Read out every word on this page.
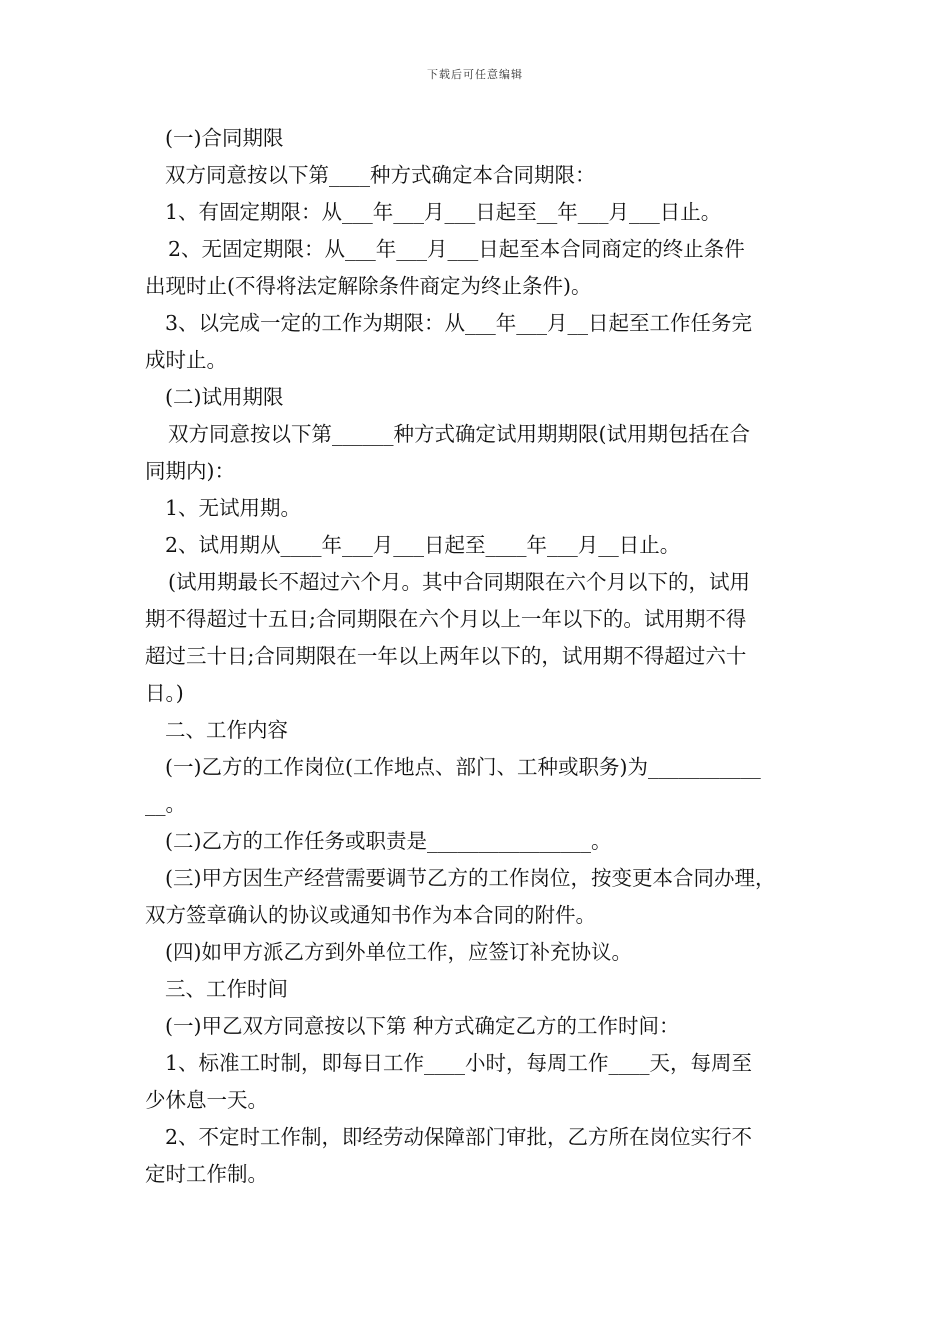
下载后可任意编辑
(一)合同期限
双方同意按以下第____种方式确定本合同期限：
1、有固定期限：从___年___月___日起至__年___月___日止。
2、无固定期限：从___年___月___日起至本合同商定的终止条件
出现时止(不得将法定解除条件商定为终止条件)。
3、以完成一定的工作为期限：从___年___月__日起至工作任务完
成时止。
(二)试用期限
双方同意按以下第______种方式确定试用期期限(试用期包括在合
同期内)：
1、无试用期。
2、试用期从____年___月___日起至____年___月__日止。
(试用期最长不超过六个月。其中合同期限在六个月以下的，试用
期不得超过十五日;合同期限在六个月以上一年以下的。试用期不得
超过三十日;合同期限在一年以上两年以下的，试用期不得超过六十
日。)
二、工作内容
(一)乙方的工作岗位(工作地点、部门、工种或职务)为___________
__。
(二)乙方的工作任务或职责是________________。
(三)甲方因生产经营需要调节乙方的工作岗位，按变更本合同办理，
双方签章确认的协议或通知书作为本合同的附件。
(四)如甲方派乙方到外单位工作，应签订补充协议。
三、工作时间
(一)甲乙双方同意按以下第 种方式确定乙方的工作时间：
1、标准工时制，即每日工作____小时，每周工作____天，每周至
少休息一天。
2、不定时工作制，即经劳动保障部门审批，乙方所在岗位实行不
定时工作制。
